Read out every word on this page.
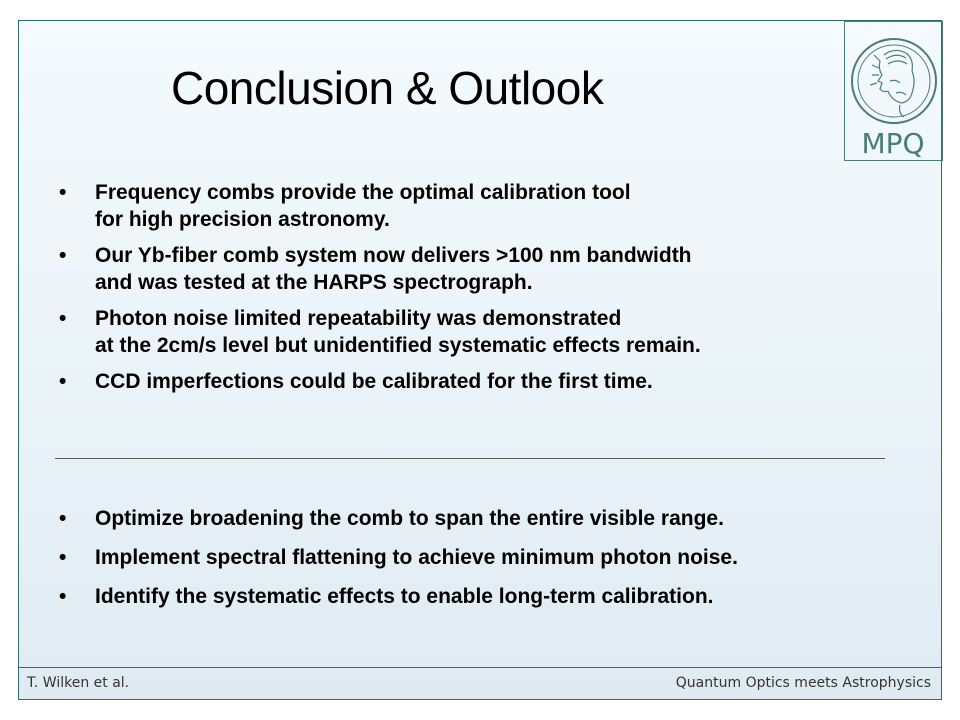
Conclusion & Outlook
MPQ
• Frequency combs provide the optimal calibration tool
for high precision astronomy.
• Our Yb-fiber comb system now delivers >100 nm bandwidth
and was tested at the HARPS spectrograph.
• Photon noise limited repeatability was demonstrated
at the 2cm/s level but unidentified systematic effects remain.
• CCD imperfections could be calibrated for the first time.
• Optimize broadening the comb to span the entire visible range.
• Implement spectral flattening to achieve minimum photon noise.
• Identify the systematic effects to enable long-term calibration.
T. Wilken et al.	Quantum Optics meets Astrophysics
